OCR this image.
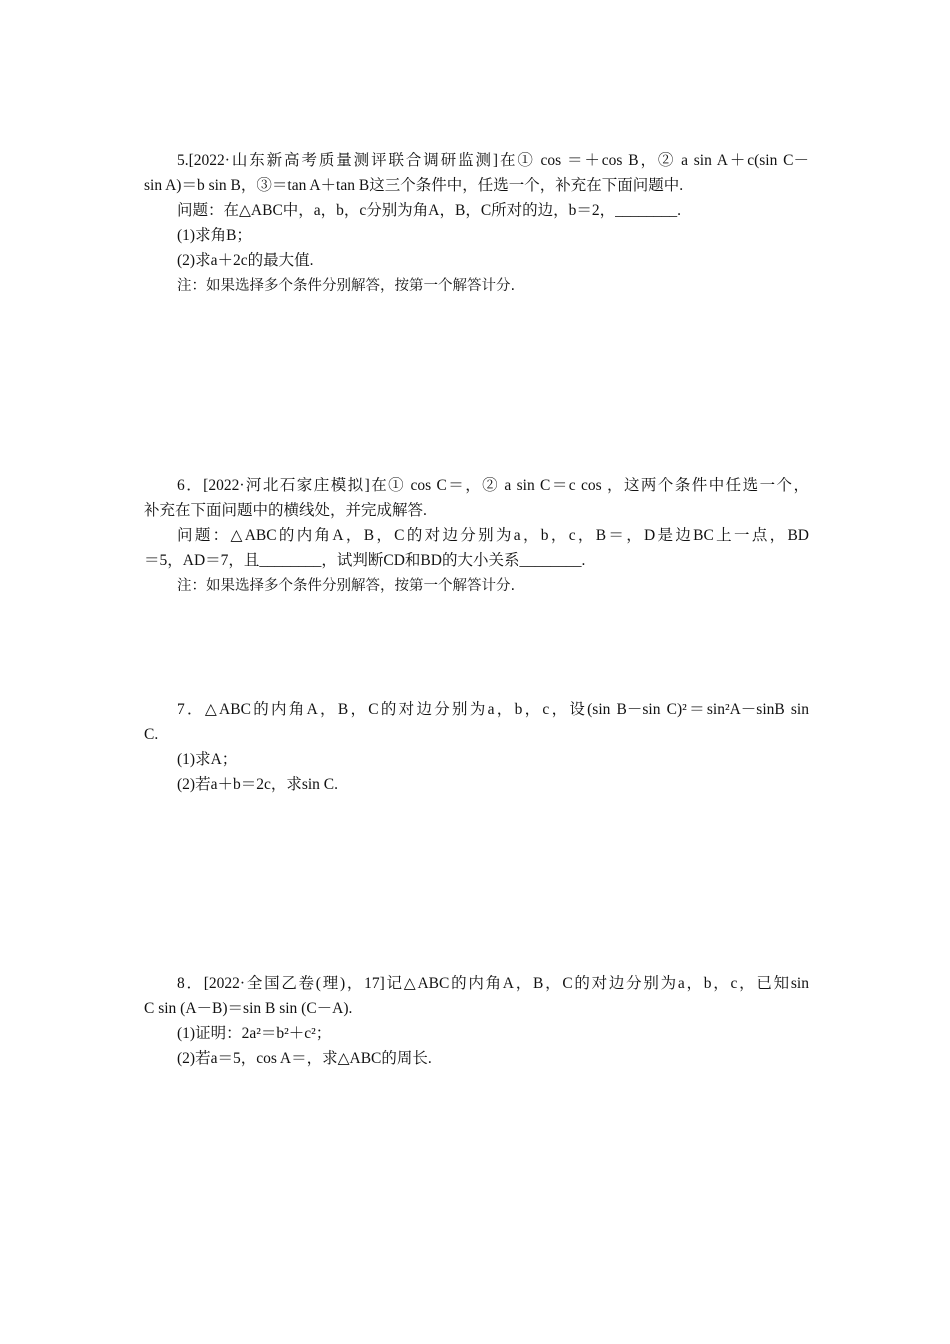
5.[2022·山东新高考质量测评联合调研监测]在① cos ＝＋cos B，② a sin A＋c(sin C－
sin A)＝b sin B，③＝tan A＋tan B这三个条件中，任选一个，补充在下面问题中.
问题：在△ABC中，a，b，c分别为角A，B，C所对的边，b＝2，________.
(1)求角B；
(2)求a＋2c的最大值.
注：如果选择多个条件分别解答，按第一个解答计分.
6．[2022·河北石家庄模拟]在① cos C＝，② a sin C＝c cos ，这两个条件中任选一个，
补充在下面问题中的横线处，并完成解答.
问题：△ABC的内角A，B，C的对边分别为a，b，c，B＝，D是边BC上一点，BD
＝5，AD＝7，且________，试判断CD和BD的大小关系________.
注：如果选择多个条件分别解答，按第一个解答计分.
7．△ABC的内角A，B，C的对边分别为a，b，c，设(sin B－sin C)²＝sin²A－sinB sin
C.
(1)求A；
(2)若a＋b＝2c，求sin C.
8．[2022·全国乙卷(理)，17]记△ABC的内角A，B，C的对边分别为a，b，c，已知sin
C sin (A－B)＝sin B sin (C－A).
(1)证明：2a²＝b²＋c²；
(2)若a＝5，cos A＝，求△ABC的周长.
